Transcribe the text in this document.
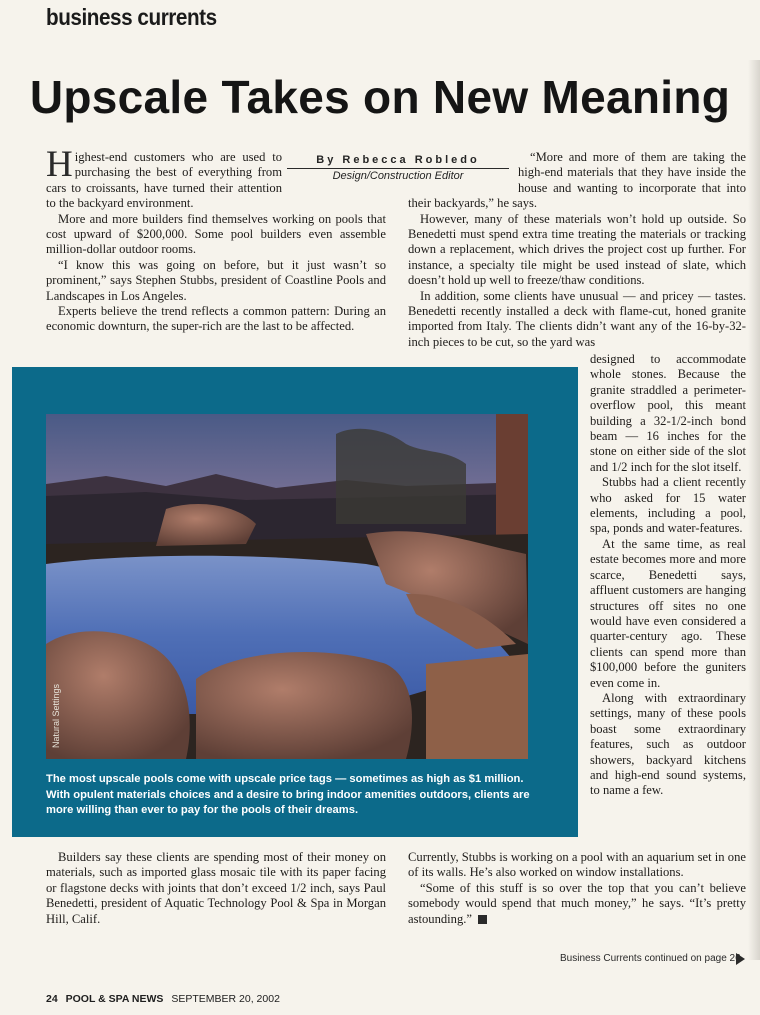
business currents
Upscale Takes on New Meaning
By Rebecca Robledo
Design/Construction Editor

Highest-end customers who are used to purchasing the best of everything from cars to croissants, have turned their attention to the backyard environment.

More and more builders find themselves working on pools that cost upward of $200,000. Some pool builders even assemble million-dollar outdoor rooms.

“I know this was going on before, but it just wasn’t so prominent,” says Stephen Stubbs, president of Coastline Pools and Landscapes in Los Angeles.

Experts believe the trend reflects a common pattern: During an economic downturn, the super-rich are the last to be affected.

“More and more of them are taking the high-end materials that they have inside the house and wanting to incorporate that into their backyards,” he says.

However, many of these materials won’t hold up outside. So Benedetti must spend extra time treating the materials or tracking down a replacement, which drives the project cost up further. For instance, a specialty tile might be used instead of slate, which doesn’t hold up well to freeze/thaw conditions.

In addition, some clients have unusual — and pricey — tastes. Benedetti recently installed a deck with flame-cut, honed granite imported from Italy. The clients didn’t want any of the 16-by-32-inch pieces to be cut, so the yard was

designed to accommodate whole stones. Because the granite straddled a perimeter-overflow pool, this meant building a 32-1/2-inch bond beam — 16 inches for the stone on either side of the slot and 1/2 inch for the slot itself.

Stubbs had a client recently who asked for 15 water elements, including a pool, spa, ponds and water-features.

At the same time, as real estate becomes more and more scarce, Benedetti says, affluent customers are hanging structures off sites no one would have even considered a quarter-century ago. These clients can spend more than $100,000 before the guniters even come in.

Along with extraordinary settings, many of these pools boast some extraordinary features, such as outdoor showers, backyard kitchens and high-end sound systems, to name a few.

Natural Settings
The most upscale pools come with upscale price tags — sometimes as high as $1 million. With opulent materials choices and a desire to bring indoor amenities outdoors, clients are more willing than ever to pay for the pools of their dreams.

Builders say these clients are spending most of their money on materials, such as imported glass mosaic tile with its paper facing or flagstone decks with joints that don’t exceed 1/2 inch, says Paul Benedetti, president of Aquatic Technology Pool & Spa in Morgan Hill, Calif.

Currently, Stubbs is working on a pool with an aquarium set in one of its walls. He’s also worked on window installations.

“Some of this stuff is so over the top that you can’t believe somebody would spend that much money,” he says. “It’s pretty astounding.”

Business Currents continued on page 26
24 POOL & SPA NEWS SEPTEMBER 20, 2002
